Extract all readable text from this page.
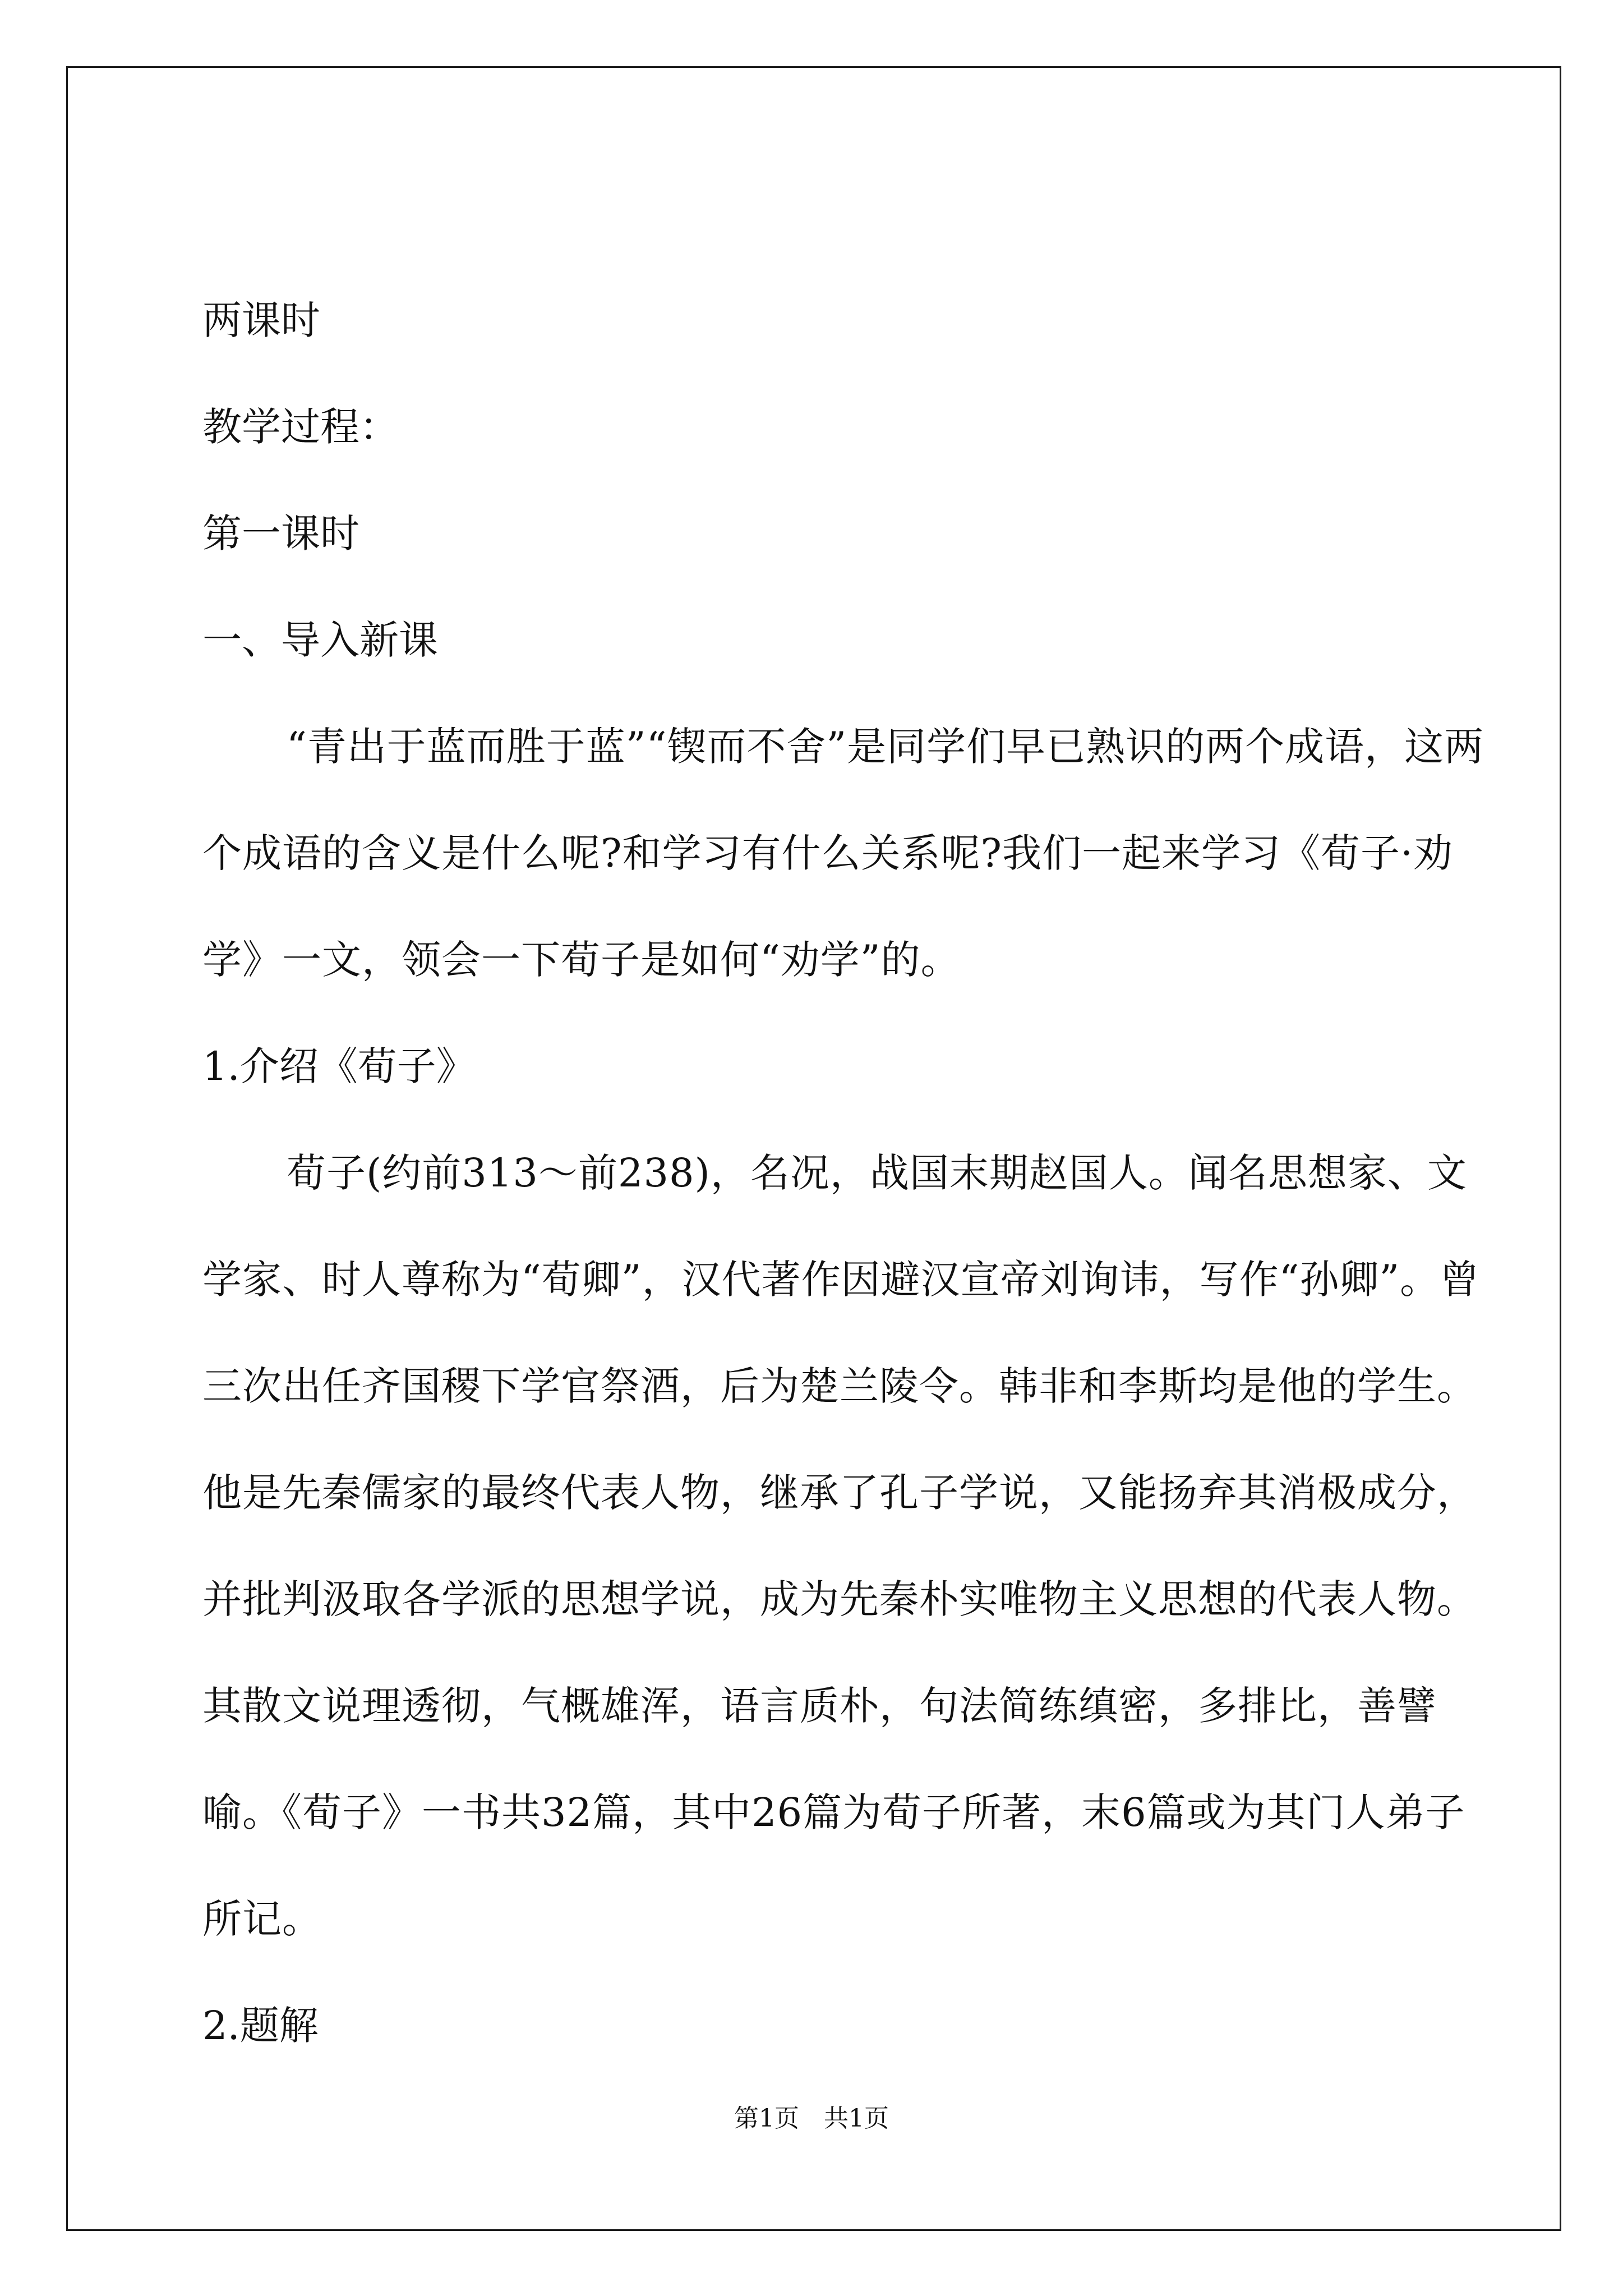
两课时

教学过程：

第一课时

一、导入新课

“青出于蓝而胜于蓝”“锲而不舍”是同学们早已熟识的两个成语，这两个成语的含义是什么呢?和学习有什么关系呢?我们一起来学习《荀子·劝学》一文，领会一下荀子是如何“劝学”的。

1.介绍《荀子》

荀子(约前313～前238)，名况，战国末期赵国人。闻名思想家、文学家、时人尊称为“荀卿”，汉代著作因避汉宣帝刘询讳，写作“孙卿”。曾三次出任齐国稷下学官祭酒，后为楚兰陵令。韩非和李斯均是他的学生。他是先秦儒家的最终代表人物，继承了孔子学说，又能扬弃其消极成分，并批判汲取各学派的思想学说，成为先秦朴实唯物主义思想的代表人物。其散文说理透彻，气概雄浑，语言质朴，句法简练缜密，多排比，善譬喻。《荀子》一书共32篇，其中26篇为荀子所著，末6篇或为其门人弟子所记。

2.题解

第1页　共1页
